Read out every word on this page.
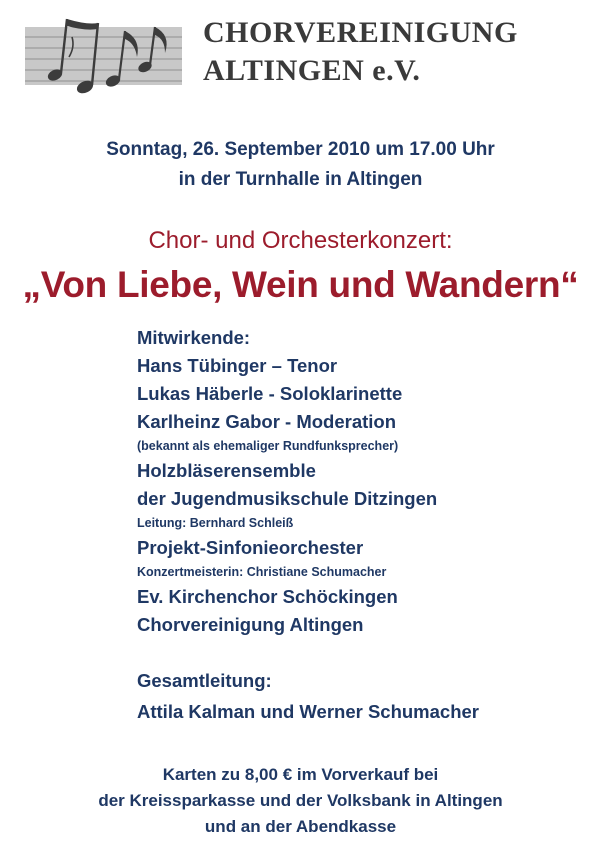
CHORVEREINIGUNG
ALTINGEN e.V.
Sonntag, 26. September 2010 um 17.00 Uhr
in der Turnhalle in Altingen
Chor- und Orchesterkonzert:
„Von Liebe, Wein und Wandern“
Mitwirkende:
Hans Tübinger – Tenor
Lukas Häberle - Soloklarinette
Karlheinz Gabor - Moderation
(bekannt als ehemaliger Rundfunksprecher)
Holzbläserensemble
der Jugendmusikschule Ditzingen
Leitung: Bernhard Schleiß
Projekt-Sinfonieorchester
Konzertmeisterin: Christiane Schumacher
Ev. Kirchenchor Schöckingen
Chorvereinigung Altingen
Gesamtleitung:
Attila Kalman und Werner Schumacher
Karten zu 8,00 € im Vorverkauf bei
der Kreissparkasse und der Volksbank in Altingen
und an der Abendkasse
